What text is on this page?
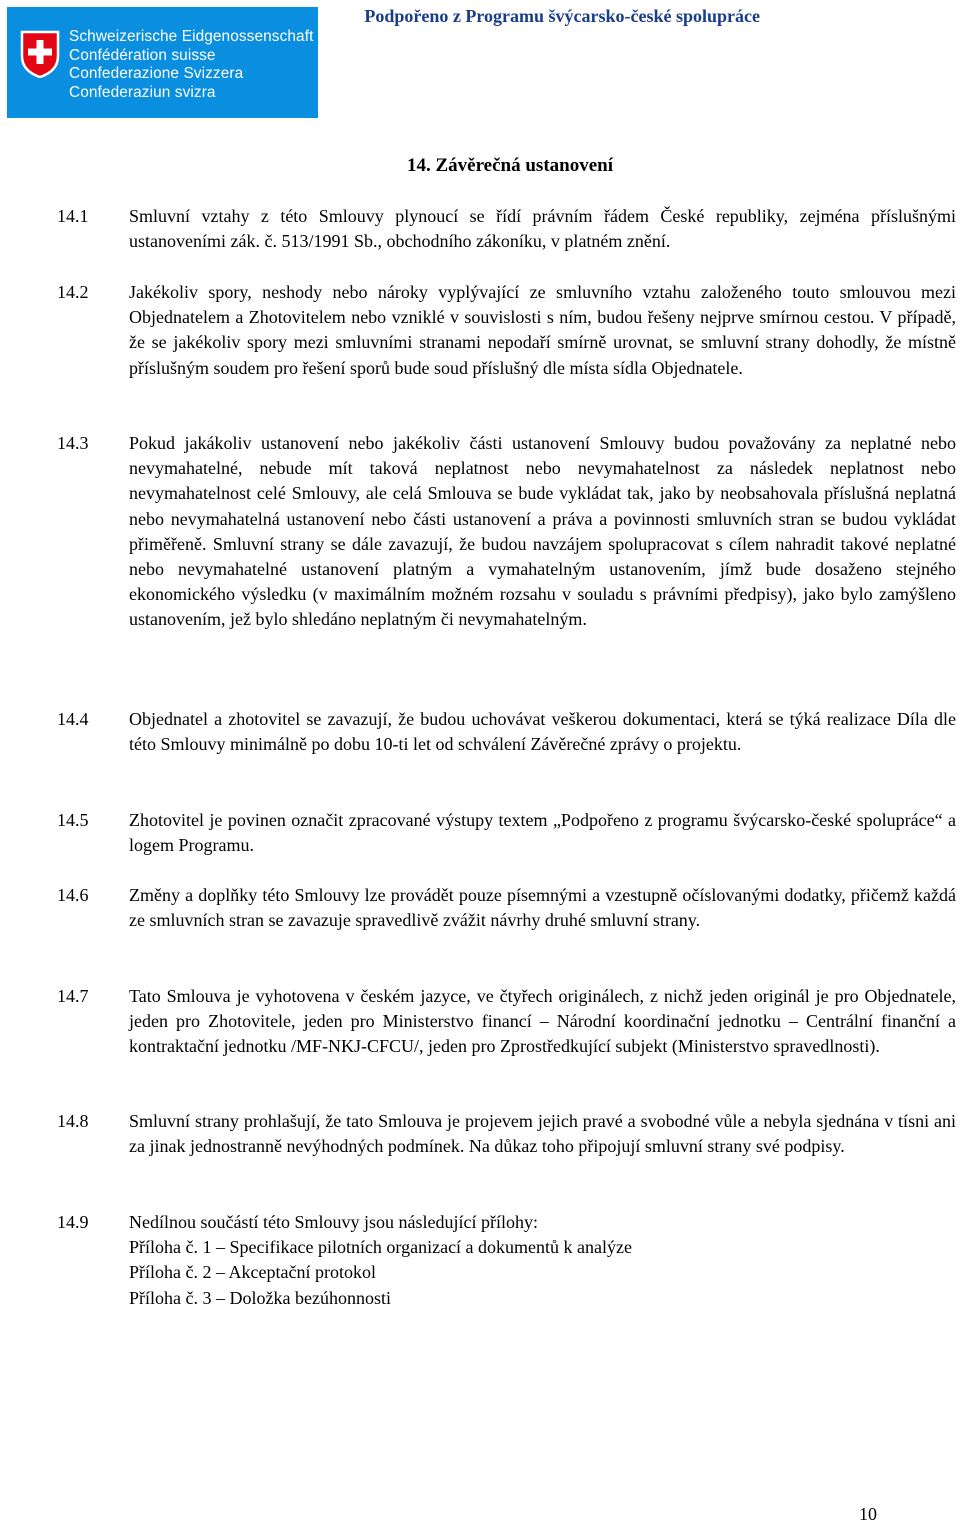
Schweizerische Eidgenossenschaft
Confédération suisse
Confederazione Svizzera
Confederaziun svizra
Podpořeno z Programu švýcarsko-české spolupráce
14. Závěrečná ustanovení
14.1 Smluvní vztahy z této Smlouvy plynoucí se řídí právním řádem České republiky, zejména příslušnými ustanoveními zák. č. 513/1991 Sb., obchodního zákoníku, v platném znění.
14.2 Jakékoliv spory, neshody nebo nároky vyplývající ze smluvního vztahu založeného touto smlouvou mezi Objednatelem a Zhotovitelem nebo vzniklé v souvislosti s ním, budou řešeny nejprve smírnou cestou. V případě, že se jakékoliv spory mezi smluvními stranami nepodaří smírně urovnat, se smluvní strany dohodly, že místně příslušným soudem pro řešení sporů bude soud příslušný dle místa sídla Objednatele.
14.3 Pokud jakákoliv ustanovení nebo jakékoliv části ustanovení Smlouvy budou považovány za neplatné nebo nevymahatelné, nebude mít taková neplatnost nebo nevymahatelnost za následek neplatnost nebo nevymahatelnost celé Smlouvy, ale celá Smlouva se bude vykládat tak, jako by neobsahovala příslušná neplatná nebo nevymahatelná ustanovení nebo části ustanovení a práva a povinnosti smluvních stran se budou vykládat přiměřeně. Smluvní strany se dále zavazují, že budou navzájem spolupracovat s cílem nahradit takové neplatné nebo nevymahatelné ustanovení platným a vymahatelným ustanovením, jímž bude dosaženo stejného ekonomického výsledku (v maximálním možném rozsahu v souladu s právními předpisy), jako bylo zamýšleno ustanovením, jež bylo shledáno neplatným či nevymahatelným.
14.4 Objednatel a zhotovitel se zavazují, že budou uchovávat veškerou dokumentaci, která se týká realizace Díla dle této Smlouvy minimálně po dobu 10-ti let od schválení Závěrečné zprávy o projektu.
14.5 Zhotovitel je povinen označit zpracované výstupy textem „Podpořeno z programu švýcarsko-české spolupráce“ a logem Programu.
14.6 Změny a doplňky této Smlouvy lze provádět pouze písemnými a vzestupně očíslovanými dodatky, přičemž každá ze smluvních stran se zavazuje spravedlivě zvážit návrhy druhé smluvní strany.
14.7 Tato Smlouva je vyhotovena v českém jazyce, ve čtyřech originálech, z nichž jeden originál je pro Objednatele, jeden pro Zhotovitele, jeden pro Ministerstvo financí – Národní koordinační jednotku – Centrální finanční a kontraktační jednotku /MF-NKJ-CFCU/, jeden pro Zprostředkující subjekt (Ministerstvo spravedlnosti).
14.8 Smluvní strany prohlašují, že tato Smlouva je projevem jejich pravé a svobodné vůle a nebyla sjednána v tísni ani za jinak jednostranně nevýhodných podmínek. Na důkaz toho připojují smluvní strany své podpisy.
14.9 Nedílnou součástí této Smlouvy jsou následující přílohy:
Příloha č. 1 – Specifikace pilotních organizací a dokumentů k analýze
Příloha č. 2 – Akceptační protokol
Příloha č. 3 – Doložka bezúhonnosti
10
